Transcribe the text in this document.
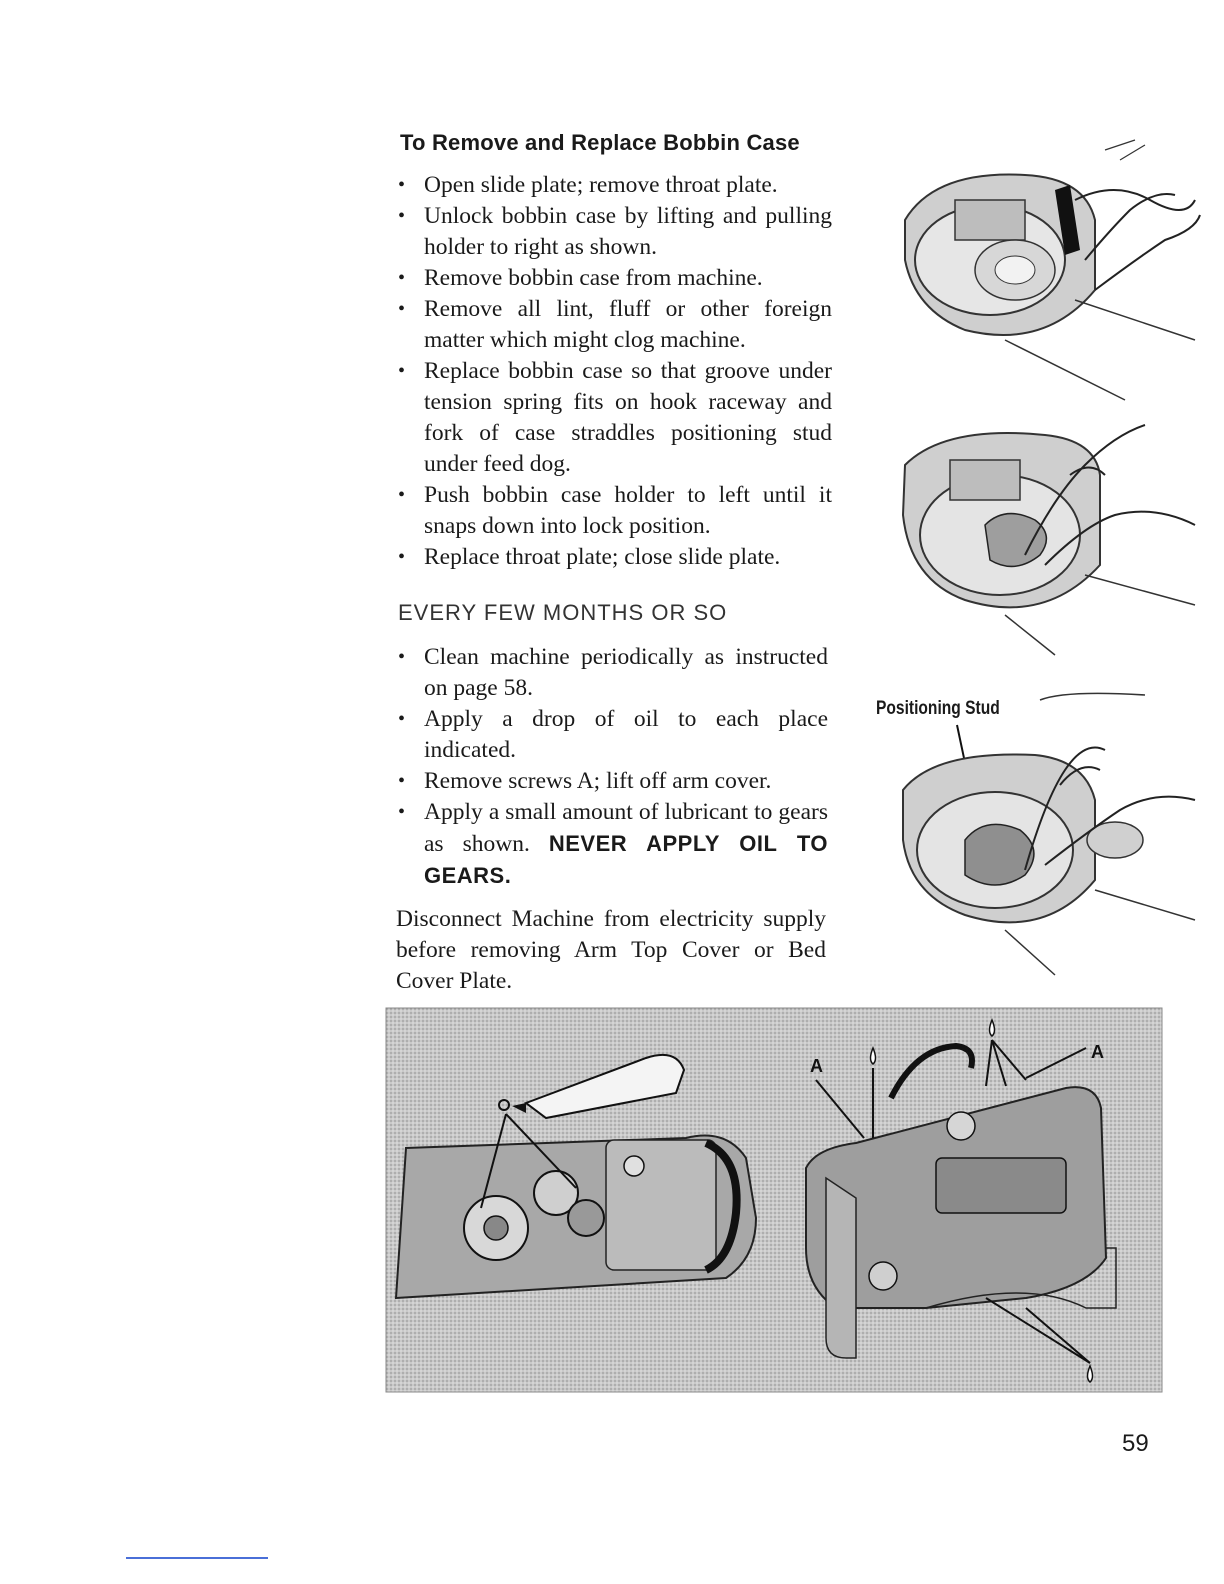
To Remove and Replace Bobbin Case
• Open slide plate; remove throat plate.
• Unlock bobbin case by lifting and pulling holder to right as shown.
• Remove bobbin case from machine.
• Remove all lint, fluff or other foreign matter which might clog machine.
• Replace bobbin case so that groove under tension spring fits on hook raceway and fork of case straddles positioning stud under feed dog.
• Push bobbin case holder to left until it snaps down into lock position.
• Replace throat plate; close slide plate.
EVERY FEW MONTHS OR SO
• Clean machine periodically as instructed on page 58.
• Apply a drop of oil to each place indicated.
• Remove screws A; lift off arm cover.
• Apply a small amount of lubricant to gears as shown. NEVER APPLY OIL TO GEARS.

Disconnect Machine from electricity supply before removing Arm Top Cover or Bed Cover Plate.

Positioning Stud
A
A
59
